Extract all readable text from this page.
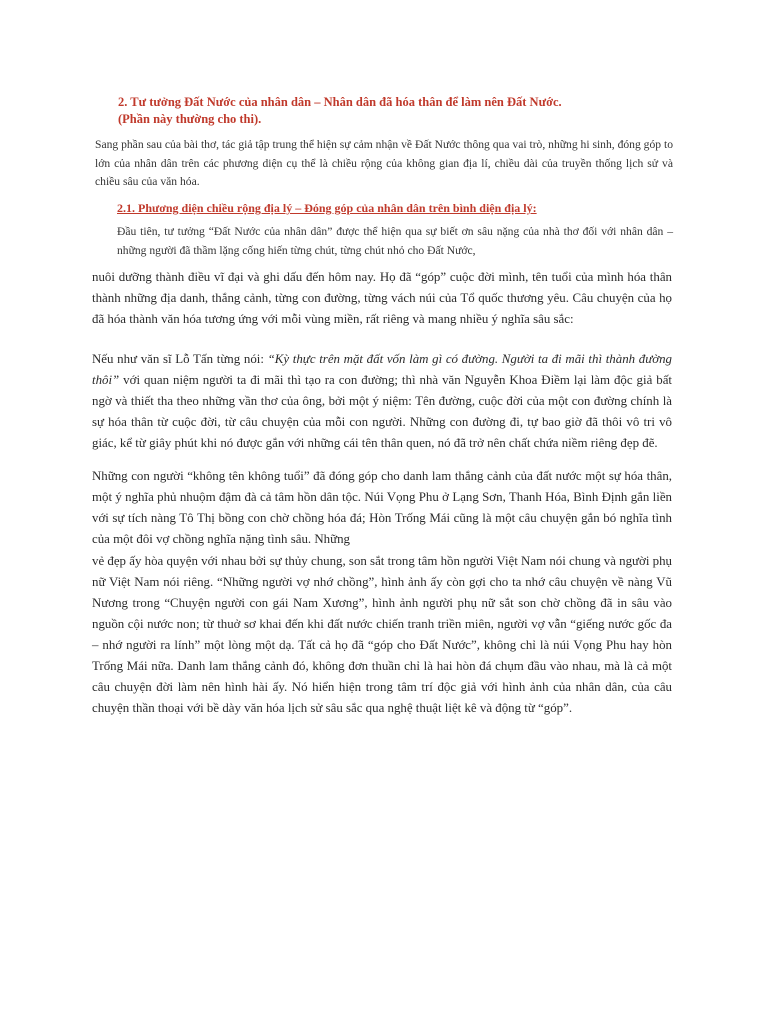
2. Tư tưởng Đất Nước của nhân dân – Nhân dân đã hóa thân để làm nên Đất Nước.
(Phần này thường cho thi).

Sang phần sau của bài thơ, tác giả tập trung thể hiện sự cảm nhận về Đất Nước thông qua vai trò, những hi sinh, đóng góp to lớn của nhân dân trên các phương diện cụ thể là chiều rộng của không gian địa lí, chiều dài của truyền thống lịch sử và chiều sâu của văn hóa.

2.1. Phương diện chiều rộng địa lý – Đóng góp của nhân dân trên bình diện địa lý:

Đầu tiên, tư tưởng “Đất Nước của nhân dân” được thể hiện qua sự biết ơn sâu nặng của nhà thơ đối với nhân dân – những người đã thầm lặng cống hiến từng chút, từng chút nhỏ cho Đất Nước,

nuôi dưỡng thành điều vĩ đại và ghi dấu đến hôm nay. Họ đã “góp” cuộc đời mình, tên tuổi của mình hóa thân thành những địa danh, thắng cảnh, từng con đường, từng vách núi của Tổ quốc thương yêu. Câu chuyện của họ đã hóa thành văn hóa tương ứng với mỗi vùng miền, rất riêng và mang nhiều ý nghĩa sâu sắc:

Nếu như văn sĩ Lỗ Tấn từng nói: “Kỳ thực trên mặt đất vốn làm gì có đường. Người ta đi mãi thì thành đường thôi” với quan niệm người ta đi mãi thì tạo ra con đường; thì nhà văn Nguyễn Khoa Điềm lại làm độc giả bất ngờ và thiết tha theo những vần thơ của ông, bởi một ý niệm: Tên đường, cuộc đời của một con đường chính là sự hóa thân từ cuộc đời, từ câu chuyện của mỗi con người. Những con đường đi, tự bao giờ đã thôi vô tri vô giác, kể từ giây phút khi nó được gắn với những cái tên thân quen, nó đã trở nên chất chứa niềm riêng đẹp đẽ.

Những con người “không tên không tuổi” đã đóng góp cho danh lam thắng cảnh của đất nước một sự hóa thân, một ý nghĩa phủ nhuộm đậm đà cả tâm hồn dân tộc. Núi Vọng Phu ở Lạng Sơn, Thanh Hóa, Bình Định gắn liền với sự tích nàng Tô Thị bồng con chờ chồng hóa đá; Hòn Trống Mái cũng là một câu chuyện gắn bó nghĩa tình của một đôi vợ chồng nghĩa nặng tình sâu. Những

vẻ đẹp ấy hòa quyện với nhau bởi sự thủy chung, son sắt trong tâm hồn người Việt Nam nói chung và người phụ nữ Việt Nam nói riêng. “Những người vợ nhớ chồng”, hình ảnh ấy còn gợi cho ta nhớ câu chuyện về nàng Vũ Nương trong “Chuyện người con gái Nam Xương”, hình ảnh người phụ nữ sắt son chờ chồng đã in sâu vào nguồn cội nước non; từ thuở sơ khai đến khi đất nước chiến tranh triền miên, người vợ vẫn “giếng nước gốc đa – nhớ người ra lính” một lòng một dạ. Tất cả họ đã “góp cho Đất Nước”, không chỉ là núi Vọng Phu hay hòn Trống Mái nữa. Danh lam thắng cảnh đó, không đơn thuần chỉ là hai hòn đá chụm đầu vào nhau, mà là cả một câu chuyện đời làm nên hình hài ấy. Nó hiển hiện trong tâm trí độc giả với hình ảnh của nhân dân, của câu chuyện thần thoại với bề dày văn hóa lịch sử sâu sắc qua nghệ thuật liệt kê và động từ “góp”.
